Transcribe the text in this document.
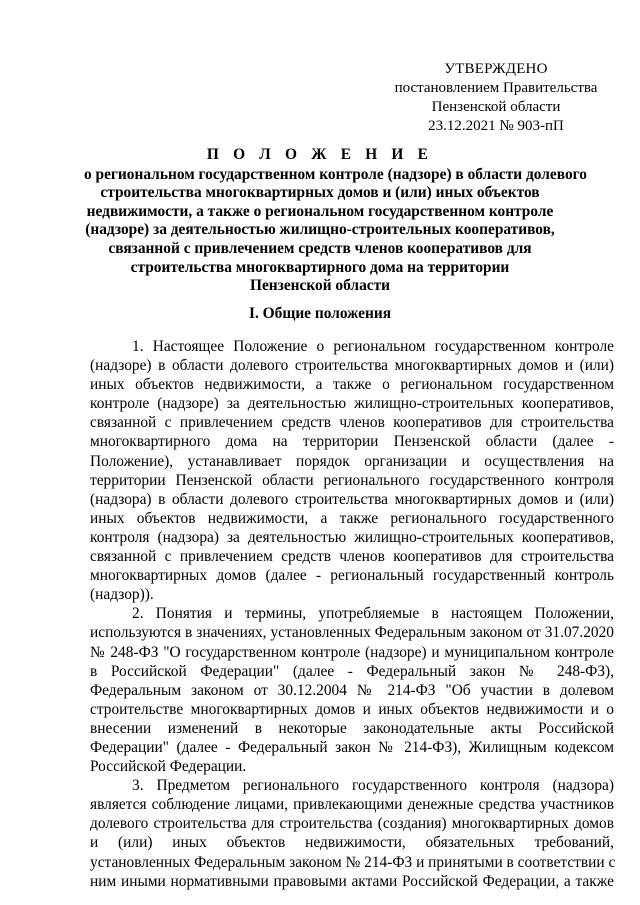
УТВЕРЖДЕНО
постановлением Правительства
Пензенской области
23.12.2021 № 903-пП
П О Л О Ж Е Н И Е
о региональном государственном контроле (надзоре) в области долевого
строительства многоквартирных домов и (или) иных объектов
недвижимости, а также о региональном государственном контроле
(надзоре) за деятельностью жилищно-строительных кооперативов,
связанной с привлечением средств членов кооперативов для
строительства многоквартирного дома на территории
Пензенской области
I. Общие положения
1. Настоящее Положение о региональном государственном контроле
(надзоре) в области долевого строительства многоквартирных домов и (или)
иных объектов недвижимости, а также о региональном государственном
контроле (надзоре) за деятельностью жилищно-строительных кооперативов,
связанной с привлечением средств членов кооперативов для строительства
многоквартирного дома на территории Пензенской области (далее -
Положение), устанавливает порядок организации и осуществления на
территории Пензенской области регионального государственного контроля
(надзора) в области долевого строительства многоквартирных домов и (или)
иных объектов недвижимости, а также регионального государственного
контроля (надзора) за деятельностью жилищно-строительных кооперативов,
связанной с привлечением средств членов кооперативов для строительства
многоквартирных домов (далее - региональный государственный контроль
(надзор)).
2. Понятия и термины, употребляемые в настоящем Положении,
используются в значениях, установленных Федеральным законом от 31.07.2020
№ 248-ФЗ "О государственном контроле (надзоре) и муниципальном контроле
в Российской Федерации" (далее - Федеральный закон № 248-ФЗ),
Федеральным законом от 30.12.2004 № 214-ФЗ "Об участии в долевом
строительстве многоквартирных домов и иных объектов недвижимости и о
внесении изменений в некоторые законодательные акты Российской
Федерации" (далее - Федеральный закон № 214-ФЗ), Жилищным кодексом
Российской Федерации.
3. Предметом регионального государственного контроля (надзора)
является соблюдение лицами, привлекающими денежные средства участников
долевого строительства для строительства (создания) многоквартирных домов
и (или) иных объектов недвижимости, обязательных требований,
установленных Федеральным законом № 214-ФЗ и принятыми в соответствии с
ним иными нормативными правовыми актами Российской Федерации, а также
